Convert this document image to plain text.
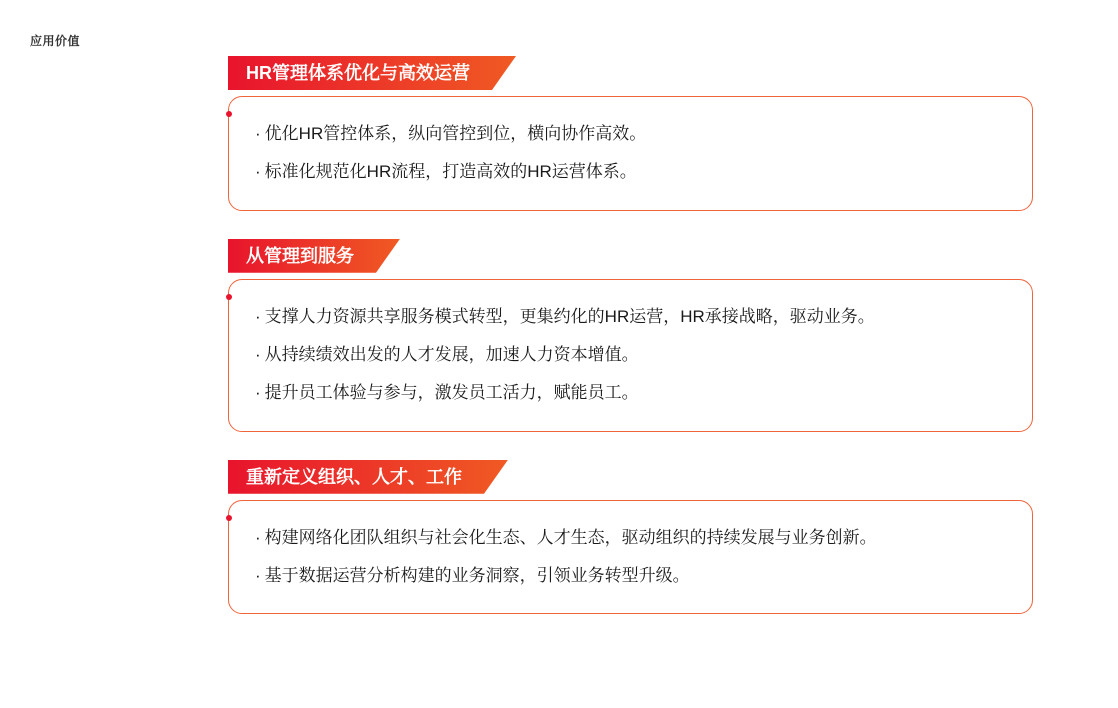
应用价值
HR管理体系优化与高效运营
· 优化HR管控体系，纵向管控到位，横向协作高效。
· 标准化规范化HR流程，打造高效的HR运营体系。
从管理到服务
· 支撑人力资源共享服务模式转型，更集约化的HR运营，HR承接战略，驱动业务。
· 从持续绩效出发的人才发展，加速人力资本增值。
· 提升员工体验与参与，激发员工活力，赋能员工。
重新定义组织、人才、工作
· 构建网络化团队组织与社会化生态、人才生态，驱动组织的持续发展与业务创新。
· 基于数据运营分析构建的业务洞察，引领业务转型升级。
